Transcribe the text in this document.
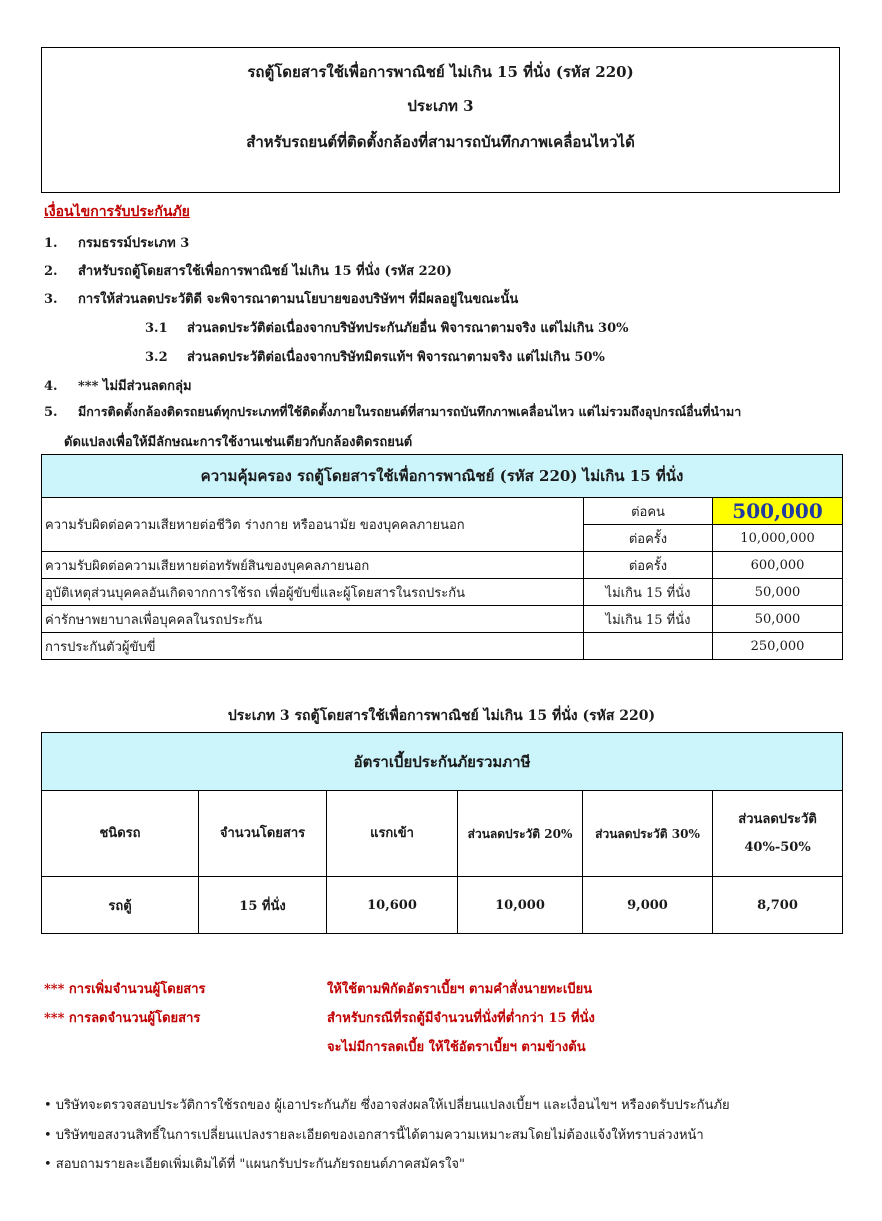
รถตู้โดยสารใช้เพื่อการพาณิชย์ ไม่เกิน 15 ที่นั่ง (รหัส 220)
ประเภท 3
สำหรับรถยนต์ที่ติดตั้งกล้องที่สามารถบันทึกภาพเคลื่อนไหวได้
เงื่อนไขการรับประกันภัย
1. กรมธรรม์ประเภท 3
2. สำหรับรถตู้โดยสารใช้เพื่อการพาณิชย์ ไม่เกิน 15 ที่นั่ง (รหัส 220)
3. การให้ส่วนลดประวัติดี จะพิจารณาตามนโยบายของบริษัทฯ ที่มีผลอยู่ในขณะนั้น
3.1 ส่วนลดประวัติต่อเนื่องจากบริษัทประกันภัยอื่น พิจารณาตามจริง แต่ไม่เกิน 30%
3.2 ส่วนลดประวัติต่อเนื่องจากบริษัทมิตรแท้ฯ พิจารณาตามจริง แต่ไม่เกิน 50%
4. *** ไม่มีส่วนลดกลุ่ม
5. มีการติดตั้งกล้องติดรถยนต์ทุกประเภทที่ใช้ติดตั้งภายในรถยนต์ที่สามารถบันทึกภาพเคลื่อนไหว แต่ไม่รวมถึงอุปกรณ์อื่นที่นำมา
ดัดแปลงเพื่อให้มีลักษณะการใช้งานเช่นเดียวกับกล้องติดรถยนต์
ความคุ้มครอง รถตู้โดยสารใช้เพื่อการพาณิชย์ (รหัส 220) ไม่เกิน 15 ที่นั่ง		
ความรับผิดต่อความเสียหายต่อชีวิต ร่างกาย หรืออนามัย ของบุคคลภายนอก	ต่อคน	500,000
	ต่อครั้ง	10,000,000
ความรับผิดต่อความเสียหายต่อทรัพย์สินของบุคคลภายนอก	ต่อครั้ง	600,000
อุบัติเหตุส่วนบุคคลอันเกิดจากการใช้รถ เพื่อผู้ขับขี่และผู้โดยสารในรถประกัน	ไม่เกิน 15 ที่นั่ง	50,000
ค่ารักษาพยาบาลเพื่อบุคคลในรถประกัน	ไม่เกิน 15 ที่นั่ง	50,000
การประกันตัวผู้ขับขี่		250,000
ประเภท 3 รถตู้โดยสารใช้เพื่อการพาณิชย์ ไม่เกิน 15 ที่นั่ง (รหัส 220)
อัตราเบี้ยประกันภัยรวมภาษี					
ชนิดรถ	จำนวนโดยสาร	แรกเข้า	ส่วนลดประวัติ 20%	ส่วนลดประวัติ 30%	ส่วนลดประวัติ
40%-50%

รถตู้	15 ที่นั่ง	10,600	10,000	9,000	8,700
*** การเพิ่มจำนวนผู้โดยสาร	ให้ใช้ตามพิกัดอัตราเบี้ยฯ ตามคำสั่งนายทะเบียน
*** การลดจำนวนผู้โดยสาร	สำหรับกรณีที่รถตู้มีจำนวนที่นั่งที่ต่ำกว่า 15 ที่นั่ง
จะไม่มีการลดเบี้ย ให้ใช้อัตราเบี้ยฯ ตามข้างต้น
• บริษัทจะตรวจสอบประวัติการใช้รถของ ผู้เอาประกันภัย ซึ่งอาจส่งผลให้เปลี่ยนแปลงเบี้ยฯ และเงื่อนไขฯ หรืองดรับประกันภัย
• บริษัทขอสงวนสิทธิ์ในการเปลี่ยนแปลงรายละเอียดของเอกสารนี้ได้ตามความเหมาะสมโดยไม่ต้องแจ้งให้ทราบล่วงหน้า
• สอบถามรายละเอียดเพิ่มเติมได้ที่ "แผนกรับประกันภัยรถยนต์ภาคสมัครใจ"
